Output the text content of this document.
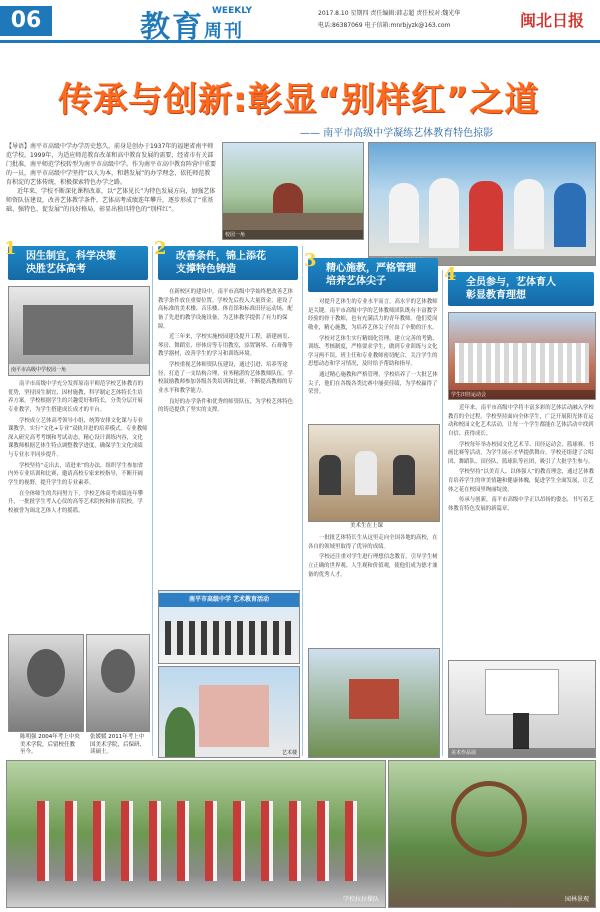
06	教育周刊
WEEKLY	2017.8.10 星期四 责任编辑:韩志超 责任校对:魏光华
电话:86387069 电子信箱:mnrbjyzk@163.com	闽北日报
传承与创新:彰显“别样红”之道
—— 南平市高级中学凝练艺体教育特色掠影

【导语】南平市高级中学办学历史悠久，前身是创办于1937年的福建省南平师范学校。1999年，为适应师范教育改革和高中教育发展的需要，经省市有关部门批准，南平师范学校转型为南平市高级中学。作为南平市高中教育阵营中重要的一员，南平市高级中学坚持“以人为本，和谐发展”的办学理念，依托师范教育积淀的艺体传统，积极探索特色办学之路。

近年来，学校不断深化课程改革，以“艺体见长”为特色发展方向，加强艺体师资队伍建设，改善艺体教学条件，艺体高考成绩连年攀升，逐步形成了“重基础、强特色、促发展”的良好格局，彰显出独具特色的“别样红”。

校园一角
1 因生制宜，科学决策
决胜艺体高考
南平市高级中学校园一角

南平市高级中学充分发挥原南平师范学校艺体教育的优势，坚持因生制宜、因材施教，科学制定艺体特长生培养方案。学校根据学生的兴趣爱好和特长，分类分层开展专业教学，为学生搭建成长成才的平台。

学校成立艺体高考领导小组，统筹安排文化课与专业课教学，实行“文化+专业”双轨并进的培养模式。专业教师深入研究高考考纲和考试动态，精心设计训练内容，文化课教师根据艺体生特点调整教学进度，确保学生文化成绩与专业水平同步提升。

学校坚持“走出去，请进来”的办法，组织学生参加省内外专业培训和比赛，邀请高校专家来校指导，不断开阔学生的视野，提升学生的专业素养。

在全体师生的共同努力下，学校艺体高考成绩连年攀升，一批批学生考入心仪的高等艺术院校和体育院校，学校被誉为闽北艺体人才的摇篮。

陈明强 2004年考上中央美术学院，后留校任教至今。
张媛媛 2011年考上中国美术学院，后保研、读硕士。
2 改善条件，锦上添花
支撑特色铸造

在新校区的建设中，南平市高级中学始终把改善艺体教学条件放在重要位置。学校先后投入大量资金，建设了高标准的美术楼、音乐楼、体育馆和标准田径运动场，配备了先进的教学设施设备，为艺体教学提供了有力的保障。

近三年来，学校实施校园建设提升工程，新建画室、琴房、舞蹈室、形体房等专用教室，添置钢琴、石膏像等教学器材，改善学生的学习和训练环境。

学校重视艺体师资队伍建设，通过引进、培养等途径，打造了一支结构合理、业务精湛的艺体教师队伍。学校鼓励教师参加各级各类培训和比赛，不断提高教师的专业水平和教学能力。

良好的办学条件和优秀的师资队伍，为学校艺体特色的铸造提供了坚实的支撑。

南平市高级中学 艺术教育活动
艺术楼
3 精心施教，严格管理
培养艺体尖子

对提升艺体生的专业水平而言，高水平的艺体教师是关键。南平市高级中学的艺体教师团队既有丰富教学经验的骨干教师，也有充满活力的青年教师。他们爱岗敬业，精心施教，为培养艺体尖子付出了辛勤的汗水。

学校对艺体生实行精细化管理，建立完善的考勤、训练、考核制度，严格要求学生，做到专业训练与文化学习两不误。班主任和专业教师密切配合，关注学生的思想动态和学习情况，及时给予帮助和指导。

通过精心施教和严格管理，学校培养了一大批艺体尖子，他们在各级各类比赛中屡获佳绩，为学校赢得了荣誉。

美术生在上课

一批批艺体特长生从这里走向全国各地的高校，在各自的领域里取得了优异的成绩。

学校还注重对学生进行理想信念教育，引导学生树立正确的世界观、人生观和价值观，使他们成为德才兼备的优秀人才。

4 全员参与，艺体育人
彰显教育理想
学生田径运动会

近年来，南平市高级中学将丰富多彩的艺体活动融入学校教育的全过程。学校坚持面向全体学生，广泛开展阳光体育运动和校园文化艺术活动，让每一个学生都能在艺体活动中找到自信、获得成长。

学校每年举办校园文化艺术节、田径运动会、篮球赛、书画比赛等活动，为学生展示才华提供舞台。学校还组建了合唱团、舞蹈队、田径队、篮球队等社团，吸引了大批学生参与。

学校坚持“以美育人、以体强人”的教育理念，通过艺体教育培养学生的审美情趣和健康体魄，促进学生全面发展，让艺体之花在校园里绚丽绽放。

传承与创新，南平市高级中学正以昂扬的姿态，书写着艺体教育特色发展的新篇章。

美术作品展
学校拉拉操队	园林景观
